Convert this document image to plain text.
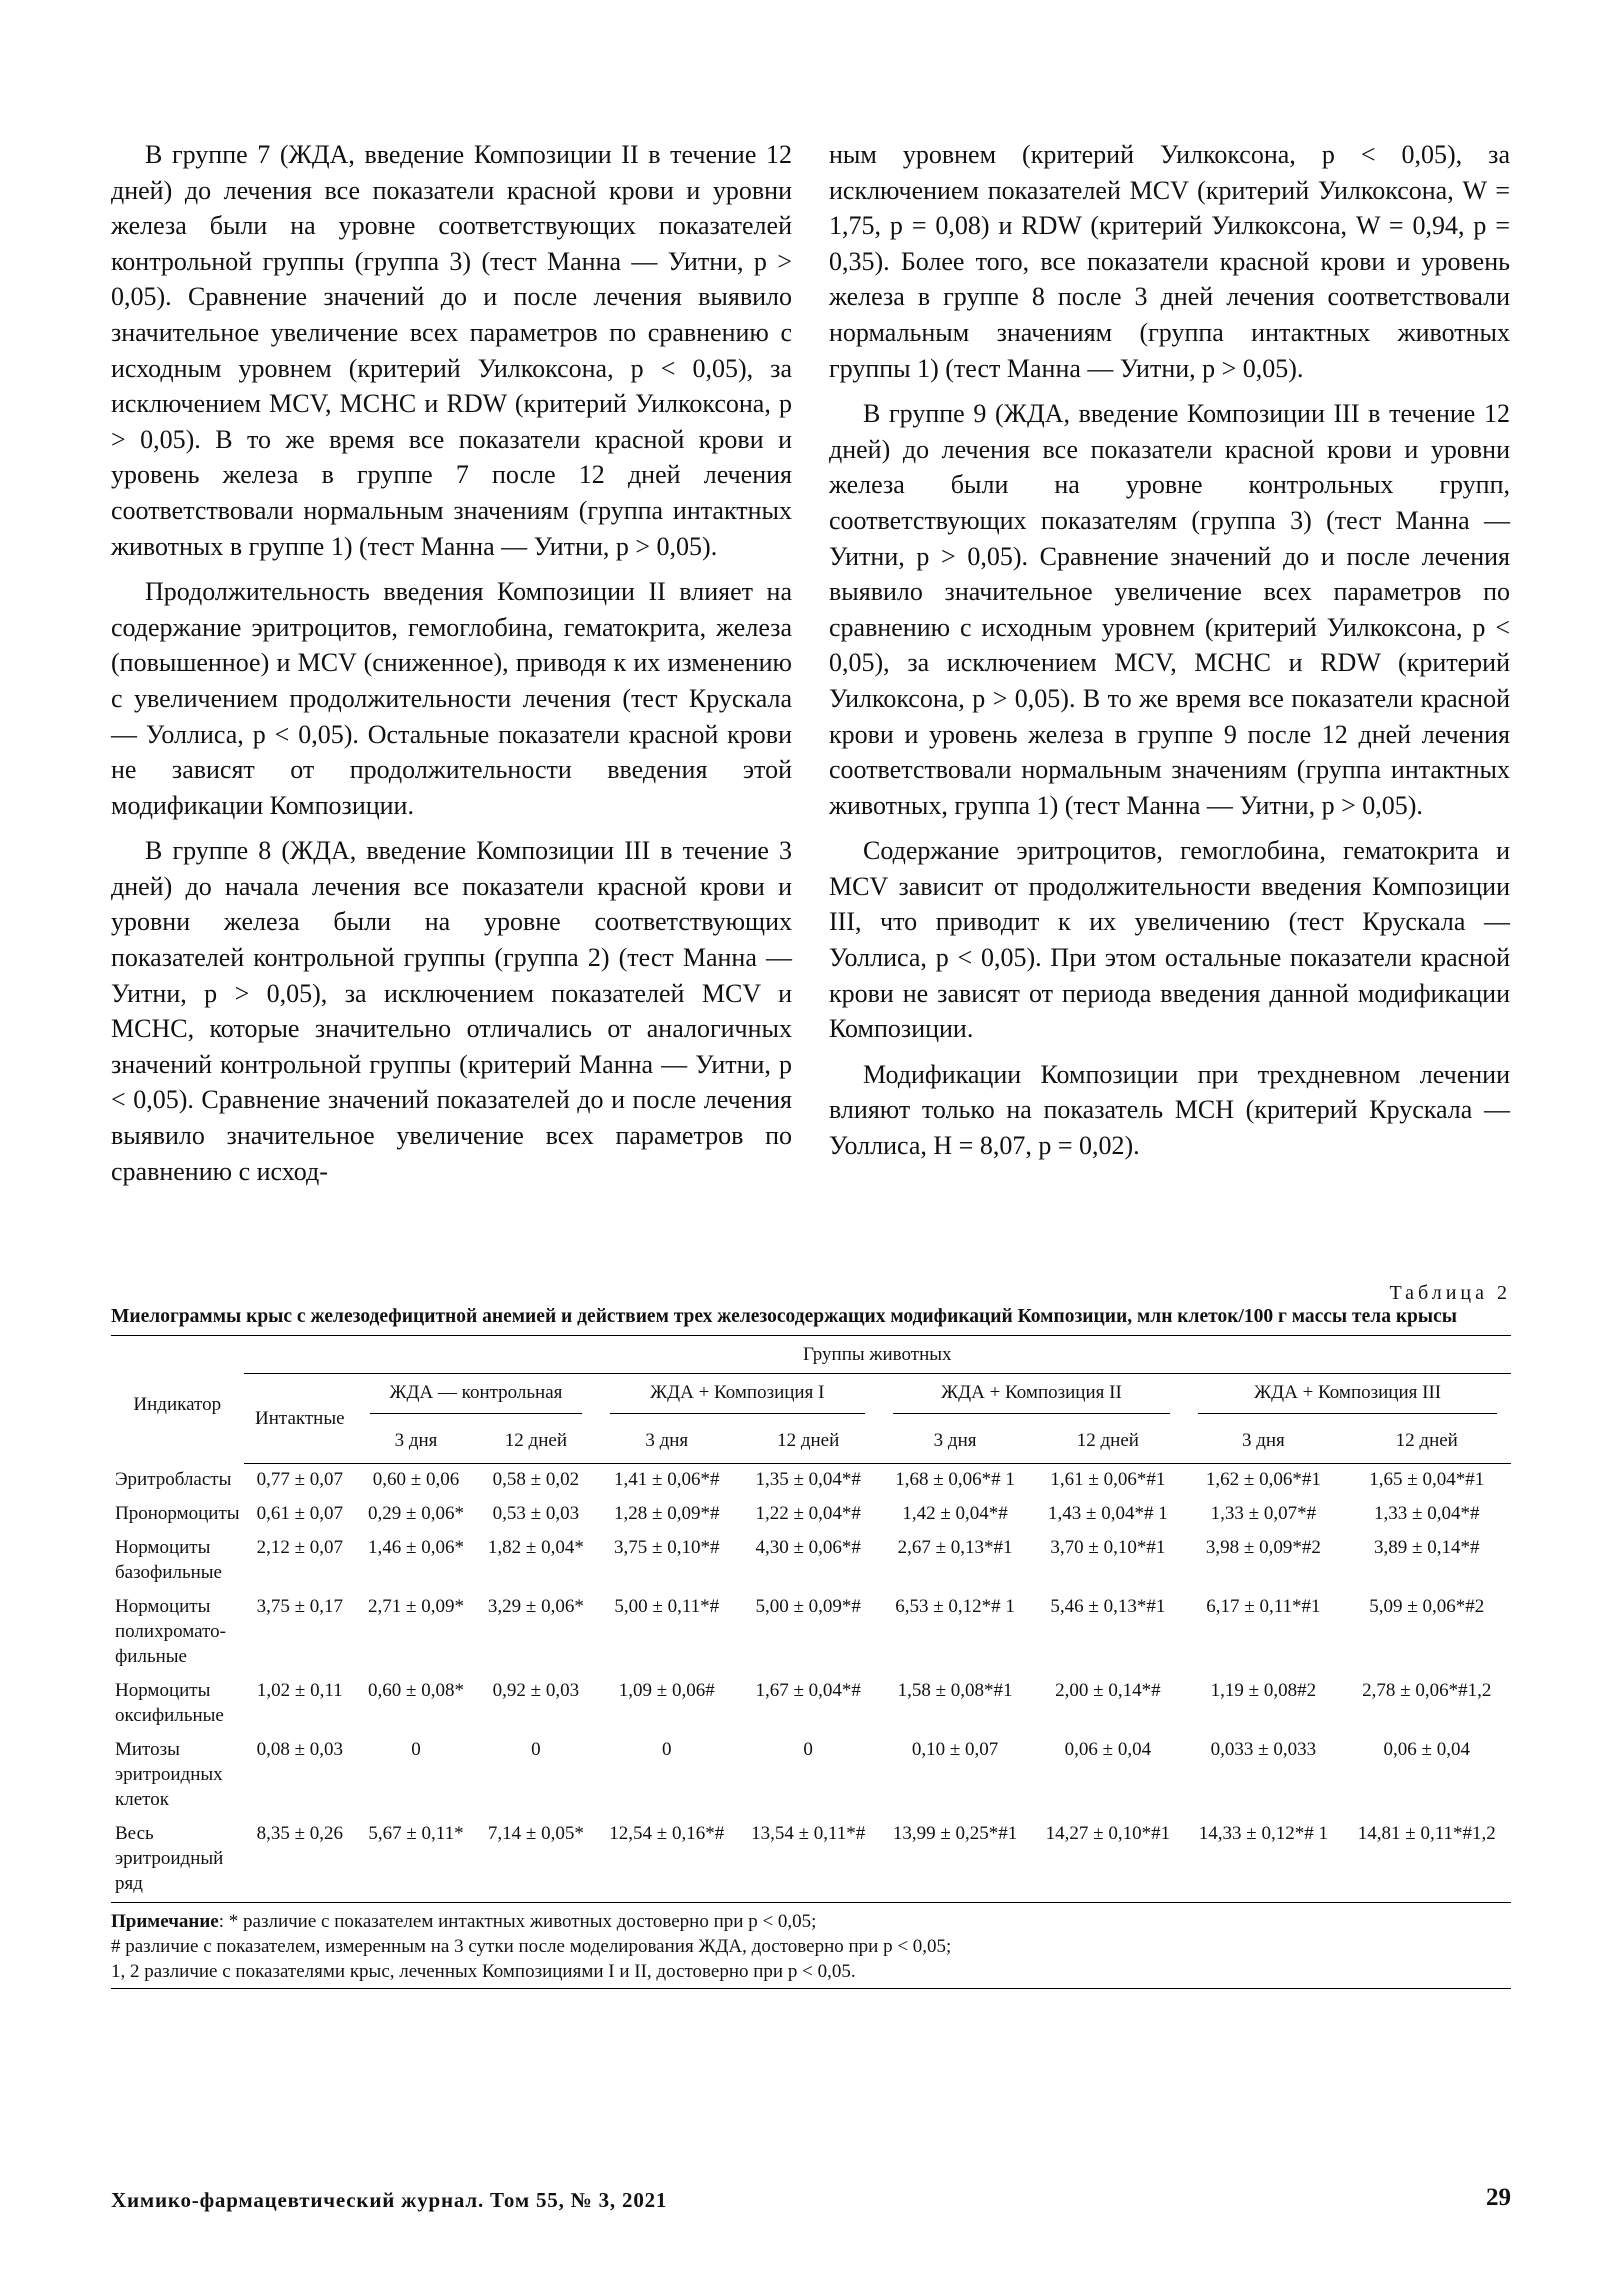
В группе 7 (ЖДА, введение Композиции II в течение 12 дней) до лечения все показатели красной крови и уровни железа были на уровне соответствующих показателей контрольной группы (группа 3) (тест Манна — Уитни, p > 0,05). Сравнение значений до и после лечения выявило значительное увеличение всех параметров по сравнению с исходным уровнем (критерий Уилкоксона, p < 0,05), за исключением MCV, MCHC и RDW (критерий Уилкоксона, p > 0,05). В то же время все показатели красной крови и уровень железа в группе 7 после 12 дней лечения соответствовали нормальным значениям (группа интактных животных в группе 1) (тест Манна — Уитни, p > 0,05).

Продолжительность введения Композиции II влияет на содержание эритроцитов, гемоглобина, гематокрита, железа (повышенное) и MCV (сниженное), приводя к их изменению с увеличением продолжительности лечения (тест Крускала — Уоллиса, p < 0,05). Остальные показатели красной крови не зависят от продолжительности введения этой модификации Композиции.

В группе 8 (ЖДА, введение Композиции III в течение 3 дней) до начала лечения все показатели красной крови и уровни железа были на уровне соответствующих показателей контрольной группы (группа 2) (тест Манна — Уитни, p > 0,05), за исключением показателей MCV и MCHC, которые значительно отличались от аналогичных значений контрольной группы (критерий Манна — Уитни, p < 0,05). Сравнение значений показателей до и после лечения выявило значительное увеличение всех параметров по сравнению с исход-

ным уровнем (критерий Уилкоксона, p < 0,05), за исключением показателей MCV (критерий Уилкоксона, W = 1,75, p = 0,08) и RDW (критерий Уилкоксона, W = 0,94, p = 0,35). Более того, все показатели красной крови и уровень железа в группе 8 после 3 дней лечения соответствовали нормальным значениям (группа интактных животных группы 1) (тест Манна — Уитни, p > 0,05).

В группе 9 (ЖДА, введение Композиции III в течение 12 дней) до лечения все показатели красной крови и уровни железа были на уровне контрольных групп, соответствующих показателям (группа 3) (тест Манна — Уитни, p > 0,05). Сравнение значений до и после лечения выявило значительное увеличение всех параметров по сравнению с исходным уровнем (критерий Уилкоксона, p < 0,05), за исключением MCV, MCHC и RDW (критерий Уилкоксона, p > 0,05). В то же время все показатели красной крови и уровень железа в группе 9 после 12 дней лечения соответствовали нормальным значениям (группа интактных животных, группа 1) (тест Манна — Уитни, p > 0,05).

Содержание эритроцитов, гемоглобина, гематокрита и MCV зависит от продолжительности введения Композиции III, что приводит к их увеличению (тест Крускала — Уоллиса, p < 0,05). При этом остальные показатели красной крови не зависят от периода введения данной модификации Композиции.

Модификации Композиции при трехдневном лечении влияют только на показатель MCH (критерий Крускала — Уоллиса, H = 8,07, p = 0,02).

Таблица 2
Миелограммы крыс с железодефицитной анемией и действием трех железосодержащих модификаций Композиции, млн клеток/100 г массы тела крысы
Индикатор	Группы животных								
	Интактные	ЖДА — контрольная		ЖДА + Композиция I		ЖДА + Композиция II		ЖДА + Композиция III	

		3 дня	12 дней	3 дня	12 дней	3 дня	12 дней	3 дня	12 дней
Эритробласты	0,77 ± 0,07	0,60 ± 0,06	0,58 ± 0,02	1,41 ± 0,06*#	1,35 ± 0,04*#	1,68 ± 0,06*# 1	1,61 ± 0,06*#1	1,62 ± 0,06*#1	1,65 ± 0,04*#1
Пронормоциты	0,61 ± 0,07	0,29 ± 0,06*	0,53 ± 0,03	1,28 ± 0,09*#	1,22 ± 0,04*#	1,42 ± 0,04*#	1,43 ± 0,04*# 1	1,33 ± 0,07*#	1,33 ± 0,04*#
Нормоциты базофильные	2,12 ± 0,07	1,46 ± 0,06*	1,82 ± 0,04*	3,75 ± 0,10*#	4,30 ± 0,06*#	2,67 ± 0,13*#1	3,70 ± 0,10*#1	3,98 ± 0,09*#2	3,89 ± 0,14*#
Нормоциты полихромато-фильные	3,75 ± 0,17	2,71 ± 0,09*	3,29 ± 0,06*	5,00 ± 0,11*#	5,00 ± 0,09*#	6,53 ± 0,12*# 1	5,46 ± 0,13*#1	6,17 ± 0,11*#1	5,09 ± 0,06*#2
Нормоциты оксифильные	1,02 ± 0,11	0,60 ± 0,08*	0,92 ± 0,03	1,09 ± 0,06#	1,67 ± 0,04*#	1,58 ± 0,08*#1	2,00 ± 0,14*#	1,19 ± 0,08#2	2,78 ± 0,06*#1,2
Митозы эритроидных клеток	0,08 ± 0,03	0	0	0	0	0,10 ± 0,07	0,06 ± 0,04	0,033 ± 0,033	0,06 ± 0,04
Весь эритроидный ряд	8,35 ± 0,26	5,67 ± 0,11*	7,14 ± 0,05*	12,54 ± 0,16*#	13,54 ± 0,11*#	13,99 ± 0,25*#1	14,27 ± 0,10*#1	14,33 ± 0,12*# 1	14,81 ± 0,11*#1,2
Примечание: * различие с показателем интактных животных достоверно при p < 0,05;
# различие с показателем, измеренным на 3 сутки после моделирования ЖДА, достоверно при p < 0,05;
1, 2 различие с показателями крыс, леченных Композициями I и II, достоверно при p < 0,05.
Химико-фармацевтический журнал. Том 55, № 3, 2021	29
